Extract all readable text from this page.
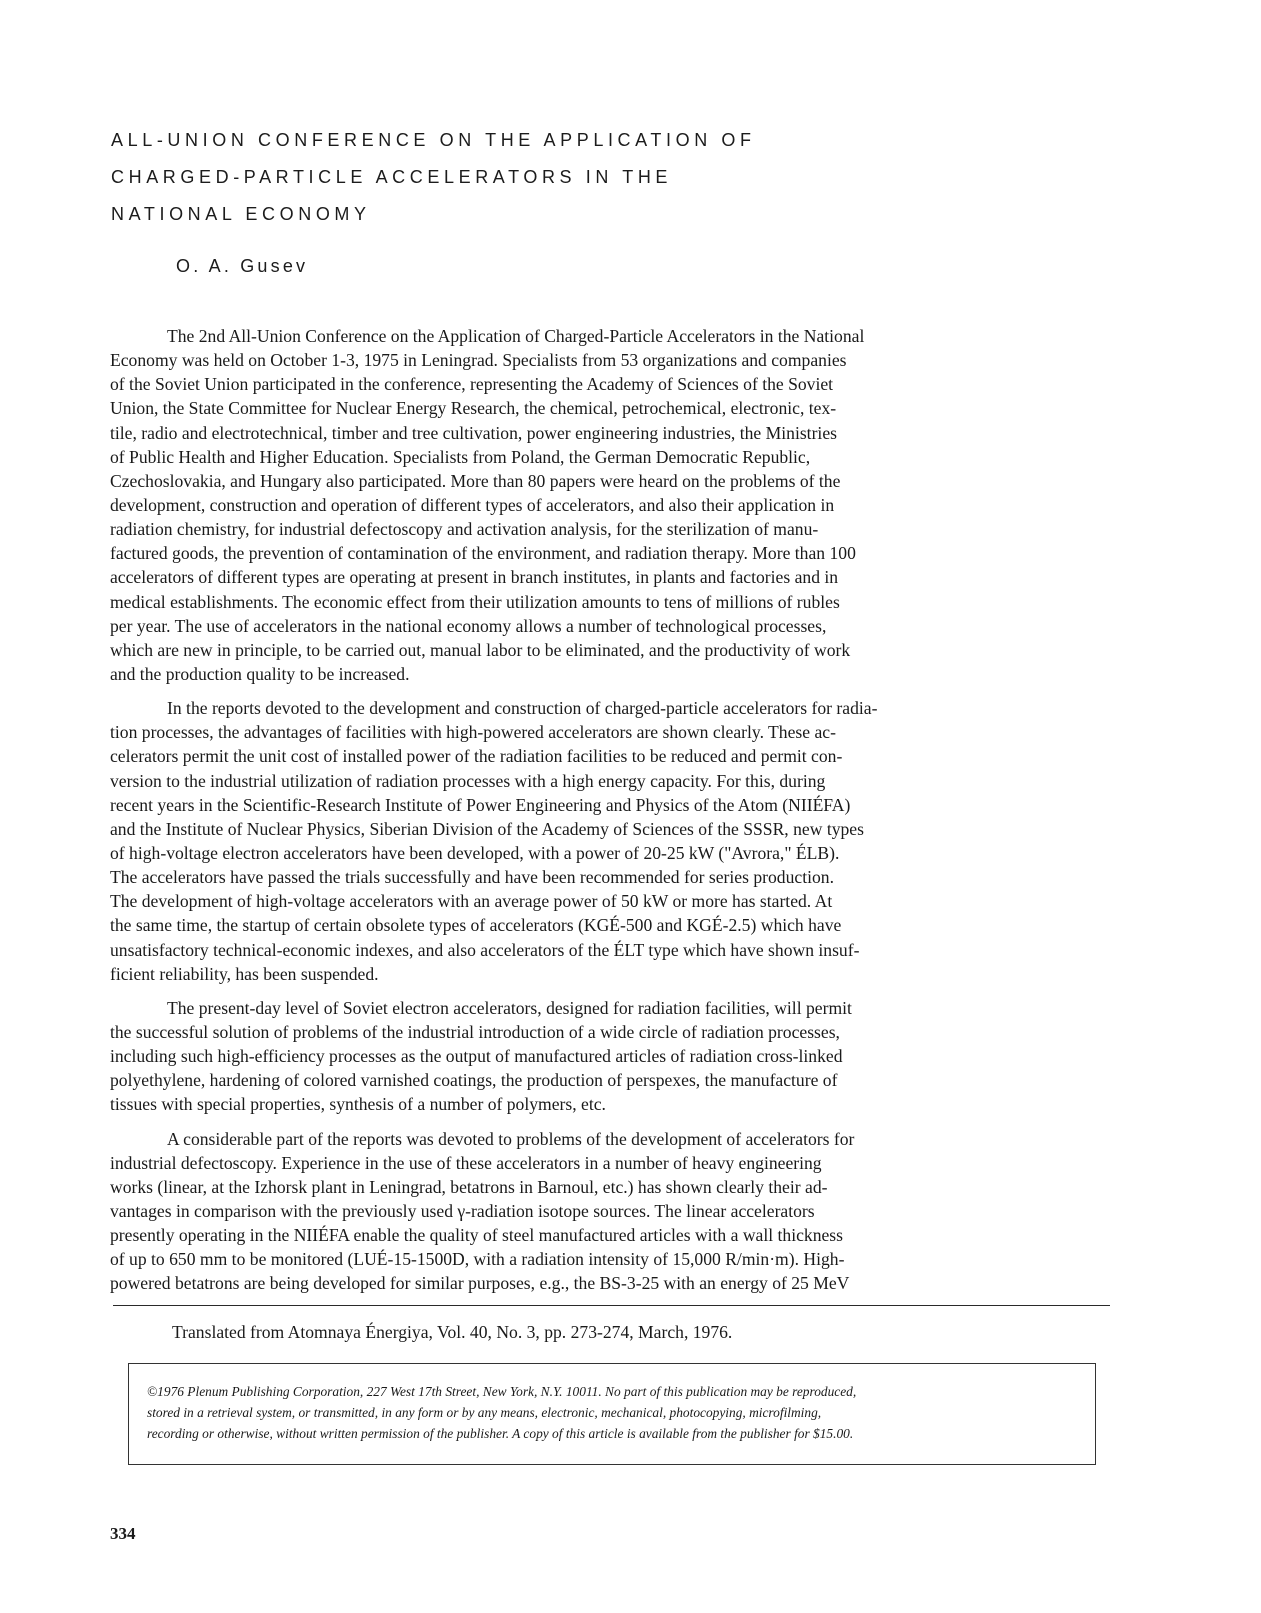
ALL-UNION CONFERENCE ON THE APPLICATION OF
CHARGED-PARTICLE ACCELERATORS IN THE
NATIONAL ECONOMY
O. A. Gusev
The 2nd All-Union Conference on the Application of Charged-Particle Accelerators in the National
Economy was held on October 1-3, 1975 in Leningrad. Specialists from 53 organizations and companies
of the Soviet Union participated in the conference, representing the Academy of Sciences of the Soviet
Union, the State Committee for Nuclear Energy Research, the chemical, petrochemical, electronic, tex-
tile, radio and electrotechnical, timber and tree cultivation, power engineering industries, the Ministries
of Public Health and Higher Education. Specialists from Poland, the German Democratic Republic,
Czechoslovakia, and Hungary also participated. More than 80 papers were heard on the problems of the
development, construction and operation of different types of accelerators, and also their application in
radiation chemistry, for industrial defectoscopy and activation analysis, for the sterilization of manu-
factured goods, the prevention of contamination of the environment, and radiation therapy. More than 100
accelerators of different types are operating at present in branch institutes, in plants and factories and in
medical establishments. The economic effect from their utilization amounts to tens of millions of rubles
per year. The use of accelerators in the national economy allows a number of technological processes,
which are new in principle, to be carried out, manual labor to be eliminated, and the productivity of work
and the production quality to be increased.
In the reports devoted to the development and construction of charged-particle accelerators for radia-
tion processes, the advantages of facilities with high-powered accelerators are shown clearly. These ac-
celerators permit the unit cost of installed power of the radiation facilities to be reduced and permit con-
version to the industrial utilization of radiation processes with a high energy capacity. For this, during
recent years in the Scientific-Research Institute of Power Engineering and Physics of the Atom (NIIÉFA)
and the Institute of Nuclear Physics, Siberian Division of the Academy of Sciences of the SSSR, new types
of high-voltage electron accelerators have been developed, with a power of 20-25 kW ("Avrora," ÉLB).
The accelerators have passed the trials successfully and have been recommended for series production.
The development of high-voltage accelerators with an average power of 50 kW or more has started. At
the same time, the startup of certain obsolete types of accelerators (KGÉ-500 and KGÉ-2.5) which have
unsatisfactory technical-economic indexes, and also accelerators of the ÉLT type which have shown insuf-
ficient reliability, has been suspended.
The present-day level of Soviet electron accelerators, designed for radiation facilities, will permit
the successful solution of problems of the industrial introduction of a wide circle of radiation processes,
including such high-efficiency processes as the output of manufactured articles of radiation cross-linked
polyethylene, hardening of colored varnished coatings, the production of perspexes, the manufacture of
tissues with special properties, synthesis of a number of polymers, etc.
A considerable part of the reports was devoted to problems of the development of accelerators for
industrial defectoscopy. Experience in the use of these accelerators in a number of heavy engineering
works (linear, at the Izhorsk plant in Leningrad, betatrons in Barnoul, etc.) has shown clearly their ad-
vantages in comparison with the previously used γ-radiation isotope sources. The linear accelerators
presently operating in the NIIÉFA enable the quality of steel manufactured articles with a wall thickness
of up to 650 mm to be monitored (LUÉ-15-1500D, with a radiation intensity of 15,000 R/min·m). High-
powered betatrons are being developed for similar purposes, e.g., the BS-3-25 with an energy of 25 MeV
Translated from Atomnaya Énergiya, Vol. 40, No. 3, pp. 273-274, March, 1976.
©1976 Plenum Publishing Corporation, 227 West 17th Street, New York, N.Y. 10011. No part of this publication may be reproduced,
stored in a retrieval system, or transmitted, in any form or by any means, electronic, mechanical, photocopying, microfilming,
recording or otherwise, without written permission of the publisher. A copy of this article is available from the publisher for $15.00.
334
